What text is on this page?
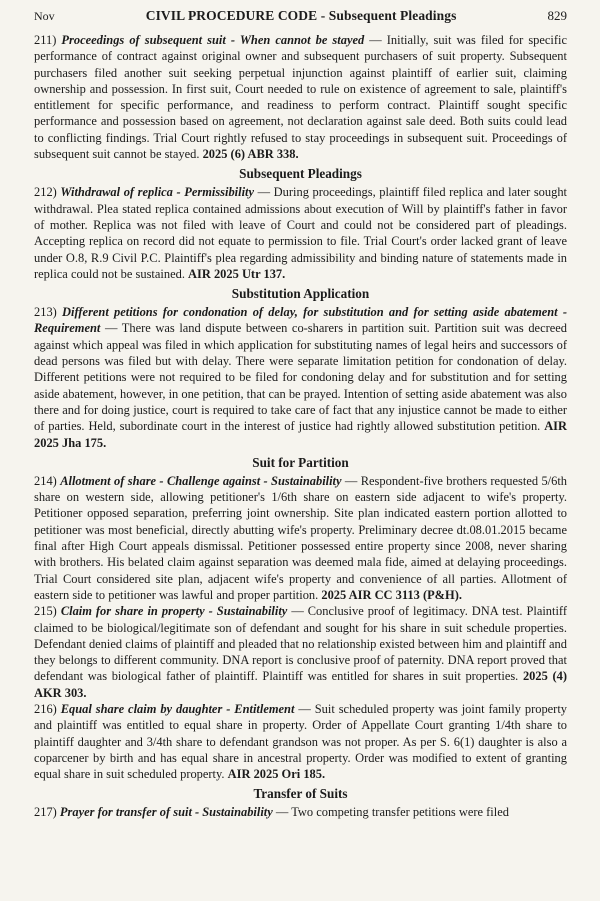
Nov	CIVIL PROCEDURE CODE - Subsequent Pleadings	829

211) Proceedings of subsequent suit - When cannot be stayed — Initially, suit was filed for specific performance of contract against original owner and subsequent purchasers of suit property. Subsequent purchasers filed another suit seeking perpetual injunction against plaintiff of earlier suit, claiming ownership and possession. In first suit, Court needed to rule on existence of agreement to sale, plaintiff's entitlement for specific performance, and readiness to perform contract. Plaintiff sought specific performance and possession based on agreement, not declaration against sale deed. Both suits could lead to conflicting findings. Trial Court rightly refused to stay proceedings in subsequent suit. Proceedings of subsequent suit cannot be stayed. 2025 (6) ABR 338.

Subsequent Pleadings

212) Withdrawal of replica - Permissibility — During proceedings, plaintiff filed replica and later sought withdrawal. Plea stated replica contained admissions about execution of Will by plaintiff's father in favor of mother. Replica was not filed with leave of Court and could not be considered part of pleadings. Accepting replica on record did not equate to permission to file. Trial Court's order lacked grant of leave under O.8, R.9 Civil P.C. Plaintiff's plea regarding admissibility and binding nature of statements made in replica could not be sustained. AIR 2025 Utr 137.

Substitution Application

213) Different petitions for condonation of delay, for substitution and for setting aside abatement - Requirement — There was land dispute between co-sharers in partition suit. Partition suit was decreed against which appeal was filed in which application for substituting names of legal heirs and successors of dead persons was filed but with delay. There were separate limitation petition for condonation of delay. Different petitions were not required to be filed for condoning delay and for substitution and for setting aside abatement, however, in one petition, that can be prayed. Intention of setting aside abatement was also there and for doing justice, court is required to take care of fact that any injustice cannot be made to either of parties. Held, subordinate court in the interest of justice had rightly allowed substitution petition. AIR 2025 Jha 175.

Suit for Partition

214) Allotment of share - Challenge against - Sustainability — Respondent-five brothers requested 5/6th share on western side, allowing petitioner's 1/6th share on eastern side adjacent to wife's property. Petitioner opposed separation, preferring joint ownership. Site plan indicated eastern portion allotted to petitioner was most beneficial, directly abutting wife's property. Preliminary decree dt.08.01.2015 became final after High Court appeals dismissal. Petitioner possessed entire property since 2008, never sharing with brothers. His belated claim against separation was deemed mala fide, aimed at delaying proceedings. Trial Court considered site plan, adjacent wife's property and convenience of all parties. Allotment of eastern side to petitioner was lawful and proper partition. 2025 AIR CC 3113 (P&H).

215) Claim for share in property - Sustainability — Conclusive proof of legitimacy. DNA test. Plaintiff claimed to be biological/legitimate son of defendant and sought for his share in suit schedule properties. Defendant denied claims of plaintiff and pleaded that no relationship existed between him and plaintiff and they belongs to different community. DNA report is conclusive proof of paternity. DNA report proved that defendant was biological father of plaintiff. Plaintiff was entitled for shares in suit properties. 2025 (4) AKR 303.

216) Equal share claim by daughter - Entitlement — Suit scheduled property was joint family property and plaintiff was entitled to equal share in property. Order of Appellate Court granting 1/4th share to plaintiff daughter and 3/4th share to defendant grandson was not proper. As per S. 6(1) daughter is also a coparcener by birth and has equal share in ancestral property. Order was modified to extent of granting equal share in suit scheduled property. AIR 2025 Ori 185.

Transfer of Suits

217) Prayer for transfer of suit - Sustainability — Two competing transfer petitions were filed
